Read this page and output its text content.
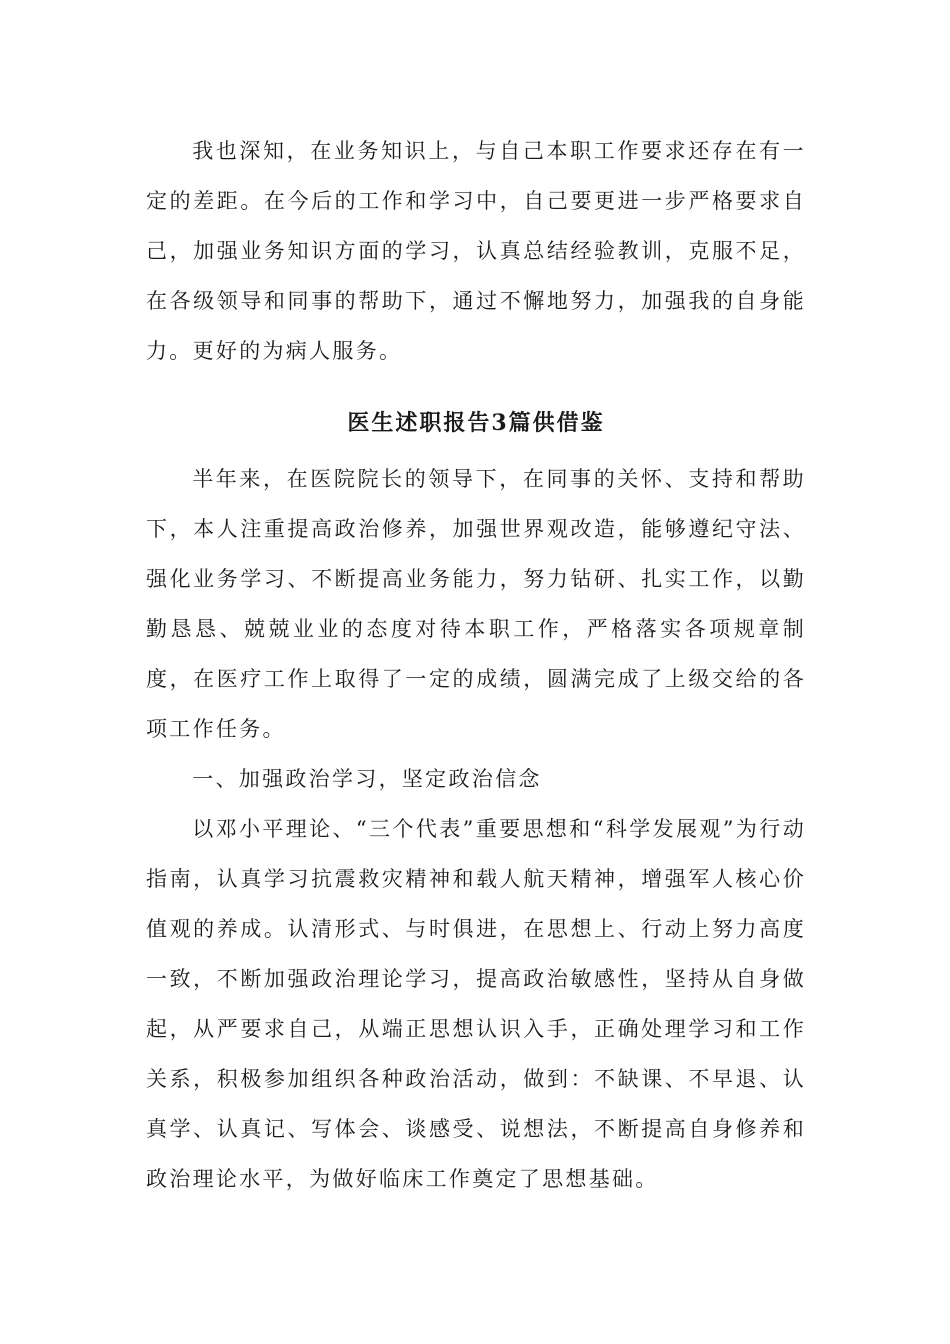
我也深知，在业务知识上，与自己本职工作要求还存在有一定的差距。在今后的工作和学习中，自己要更进一步严格要求自己，加强业务知识方面的学习，认真总结经验教训，克服不足，在各级领导和同事的帮助下，通过不懈地努力，加强我的自身能力。更好的为病人服务。

医生述职报告3篇供借鉴

半年来，在医院院长的领导下，在同事的关怀、支持和帮助下，本人注重提高政治修养，加强世界观改造，能够遵纪守法、强化业务学习、不断提高业务能力，努力钻研、扎实工作，以勤勤恳恳、兢兢业业的态度对待本职工作，严格落实各项规章制度，在医疗工作上取得了一定的成绩，圆满完成了上级交给的各项工作任务。

一、加强政治学习，坚定政治信念

以邓小平理论、“三个代表”重要思想和“科学发展观”为行动指南，认真学习抗震救灾精神和载人航天精神，增强军人核心价值观的养成。认清形式、与时俱进，在思想上、行动上努力高度一致，不断加强政治理论学习，提高政治敏感性，坚持从自身做起，从严要求自己，从端正思想认识入手，正确处理学习和工作关系，积极参加组织各种政治活动，做到：不缺课、不早退、认真学、认真记、写体会、谈感受、说想法，不断提高自身修养和政治理论水平，为做好临床工作奠定了思想基础。
